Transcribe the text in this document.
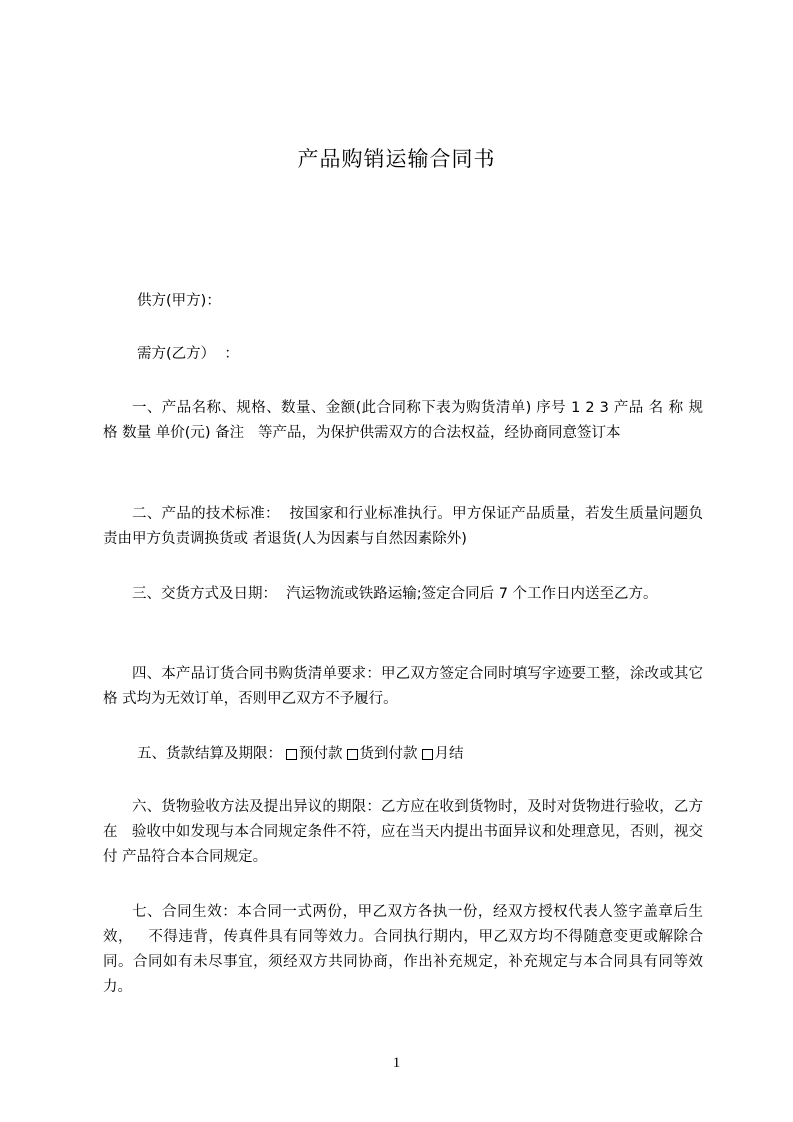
产品购销运输合同书

供方(甲方)：

需方(乙方）  ：

一、产品名称、规格、数量、金额(此合同称下表为购货清单) 序号 1 2 3 产品 名 称 规 格 数量 单价(元) 备注   等产品，为保护供需双方的合法权益，经协商同意签订本

二、产品的技术标准：  按国家和行业标准执行。甲方保证产品质量，若发生质量问题负责由甲方负责调换货或 者退货(人为因素与自然因素除外)

三、交货方式及日期：  汽运物流或铁路运输;签定合同后 7 个工作日内送至乙方。

四、本产品订货合同书购货清单要求：甲乙双方签定合同时填写字迹要工整，涂改或其它格 式均为无效订单，否则甲乙双方不予履行。

五、货款结算及期限： 预付款 货到付款 月结

六、货物验收方法及提出异议的期限：乙方应在收到货物时，及时对货物进行验收，乙方在   验收中如发现与本合同规定条件不符，应在当天内提出书面异议和处理意见，否则，视交付 产品符合本合同规定。

七、合同生效：本合同一式两份，甲乙双方各执一份，经双方授权代表人签字盖章后生效，   不得违背，传真件具有同等效力。合同执行期内，甲乙双方均不得随意变更或解除合同。合同如有未尽事宜，须经双方共同协商，作出补充规定，补充规定与本合同具有同等效力。

1
